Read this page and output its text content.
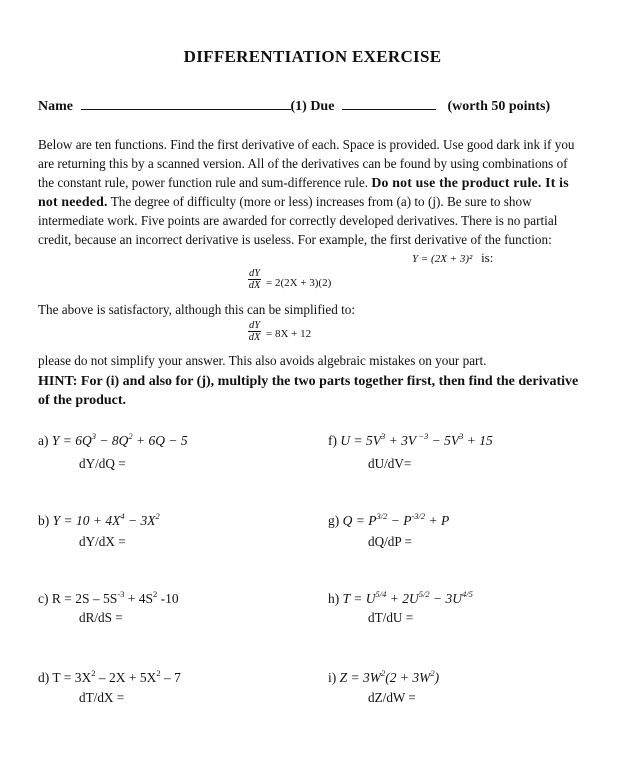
DIFFERENTIATION EXERCISE
Name	(1) Due	(worth 50 points)
Below are ten functions. Find the first derivative of each. Space is provided. Use good dark ink if you are returning this by a scanned version. All of the derivatives can be found by using combinations of the constant rule, power function rule and sum-difference rule. Do not use the product rule. It is not needed. The degree of difficulty (more or less) increases from (a) to (j). Be sure to show intermediate work. Five points are awarded for correctly developed derivatives. There is no partial credit, because an incorrect derivative is useless. For example, the first derivative of the function:
Y = (2X + 3)² is:
$\frac{dY}{dX} = 2(2X + 3)(2)$
The above is satisfactory, although this can be simplified to:
$\frac{dY}{dX} = 8X + 12$
please do not simplify your answer. This also avoids algebraic mistakes on your part.
HINT: For (i) and also for (j), multiply the two parts together first, then find the derivative of the product.
a) $Y = 6Q^3 - 8Q^2 + 6Q - 5$
dY/dQ =
f) $U = 5V^3 + 3V$ $^{-3} - 5V^3 + 15$
dU/dV=
b) $Y = 10 + 4X^4 - 3X^2$
dY/dX =
g) $Q = P^{3/2} - P^{-3/2} + P$
dQ/dP =
c) $R = 2S - 5S^{-3} + 4S^2$ -10
dR/dS =
h) $T = U^{5/4} + 2U^{5/2} - 3U^{4/5}$
dT/dU =
d) $T = 3X^2 - 2X + 5X^2 - 7$
dT/dX =
i) $Z = 3W^2(2 + 3W^2)$
dZ/dW =
